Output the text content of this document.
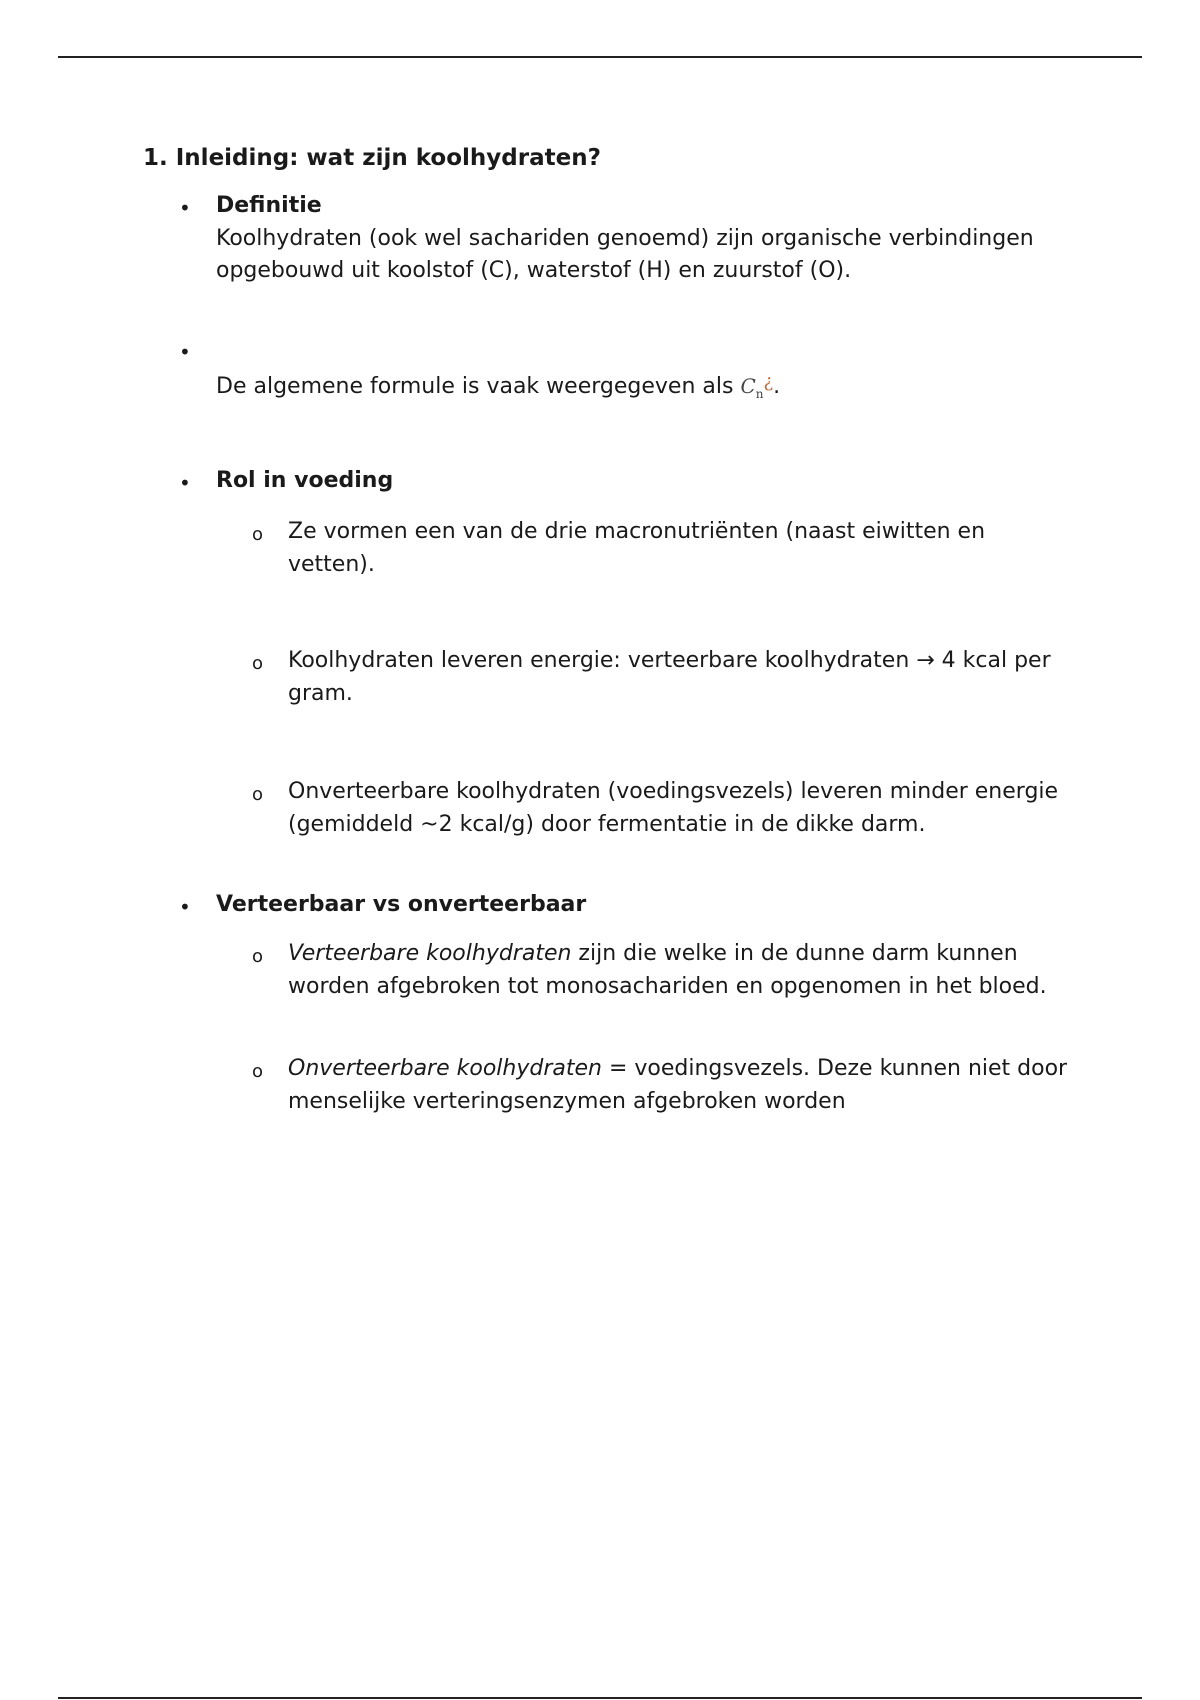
1. Inleiding: wat zijn koolhydraten?
• Definitie
Koolhydraten (ook wel sachariden genoemd) zijn organische verbindingen opgebouwd uit koolstof (C), waterstof (H) en zuurstof (O).
•
De algemene formule is vaak weergegeven als $C_n¿$.
• Rol in voeding
o Ze vormen een van de drie macronutriënten (naast eiwitten en vetten).
o Koolhydraten leveren energie: verteerbare koolhydraten → 4 kcal per gram.
o Onverteerbare koolhydraten (voedingsvezels) leveren minder energie (gemiddeld ~2 kcal/g) door fermentatie in de dikke darm.
• Verteerbaar vs onverteerbaar
o Verteerbare koolhydraten zijn die welke in de dunne darm kunnen worden afgebroken tot monosachariden en opgenomen in het bloed.
o Onverteerbare koolhydraten = voedingsvezels. Deze kunnen niet door menselijke verteringsenzymen afgebroken worden
